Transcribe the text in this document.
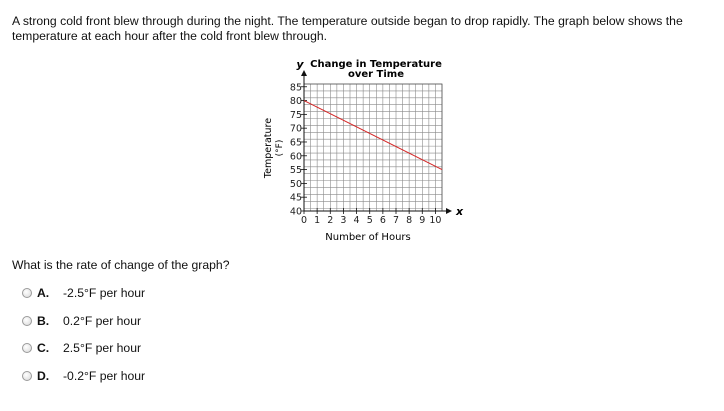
A strong cold front blew through during the night. The temperature outside began to drop rapidly. The graph below shows the temperature at each hour after the cold front blew through.
40
45
50
55
60
65
70
75
80
85
0 1 2 3 4 5 6 7 8 9 10
y
x
Change in Temperature
over Time
Number of Hours
Temperature (°F)
What is the rate of change of the graph?
A.	-2.5°F per hour
B.	0.2°F per hour
C.	2.5°F per hour
D.	-0.2°F per hour
